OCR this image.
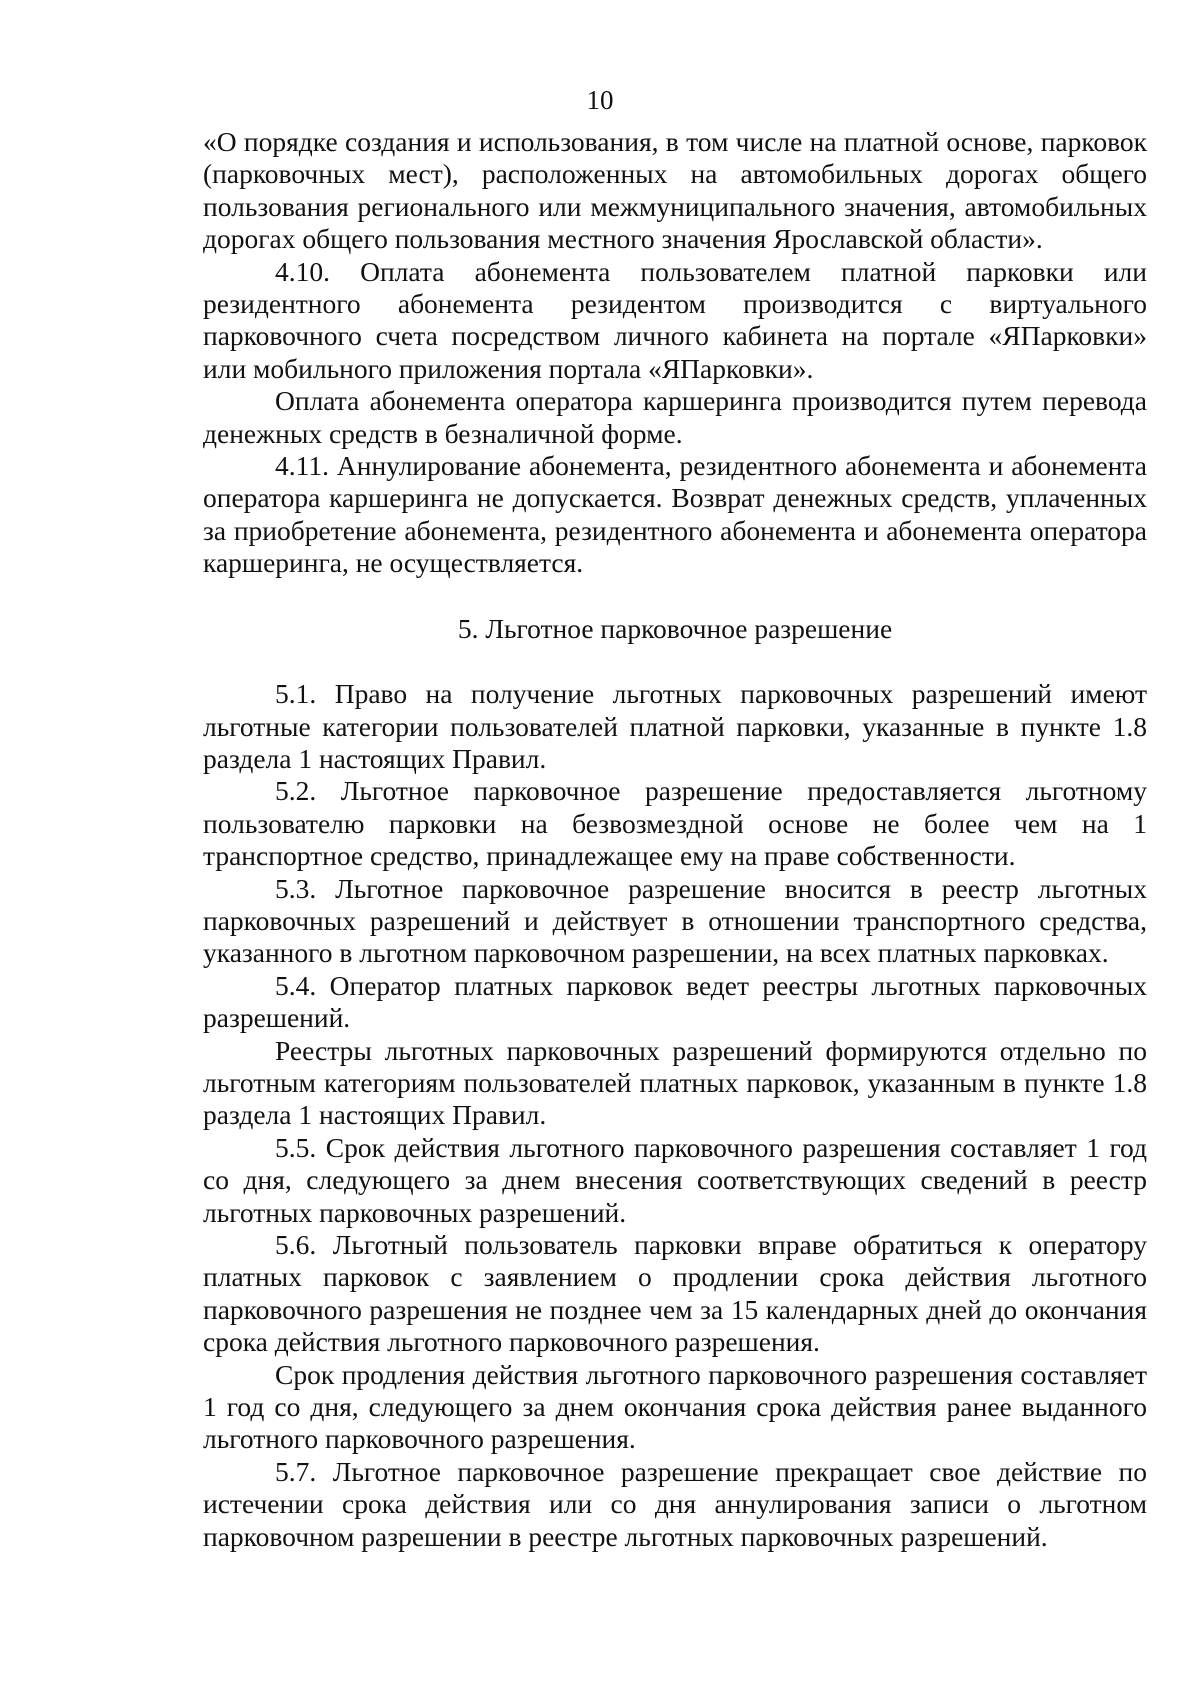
10

«О порядке создания и использования, в том числе на платной основе, парковок (парковочных мест), расположенных на автомобильных дорогах общего пользования регионального или межмуниципального значения, автомобильных дорогах общего пользования местного значения Ярославской области».

4.10. Оплата абонемента пользователем платной парковки или резидентного абонемента резидентом производится с виртуального парковочного счета посредством личного кабинета на портале «ЯПарковки» или мобильного приложения портала «ЯПарковки».

Оплата абонемента оператора каршеринга производится путем перевода денежных средств в безналичной форме.

4.11. Аннулирование абонемента, резидентного абонемента и абонемента оператора каршеринга не допускается. Возврат денежных средств, уплаченных за приобретение абонемента, резидентного абонемента и абонемента оператора каршеринга, не осуществляется.

5. Льготное парковочное разрешение

5.1. Право на получение льготных парковочных разрешений имеют льготные категории пользователей платной парковки, указанные в пункте 1.8 раздела 1 настоящих Правил.

5.2. Льготное парковочное разрешение предоставляется льготному пользователю парковки на безвозмездной основе не более чем на 1 транспортное средство, принадлежащее ему на праве собственности.

5.3. Льготное парковочное разрешение вносится в реестр льготных парковочных разрешений и действует в отношении транспортного средства, указанного в льготном парковочном разрешении, на всех платных парковках.

5.4. Оператор платных парковок ведет реестры льготных парковочных разрешений.

Реестры льготных парковочных разрешений формируются отдельно по льготным категориям пользователей платных парковок, указанным в пункте 1.8 раздела 1 настоящих Правил.

5.5. Срок действия льготного парковочного разрешения составляет 1 год со дня, следующего за днем внесения соответствующих сведений в реестр льготных парковочных разрешений.

5.6. Льготный пользователь парковки вправе обратиться к оператору платных парковок с заявлением о продлении срока действия льготного парковочного разрешения не позднее чем за 15 календарных дней до окончания срока действия льготного парковочного разрешения.

Срок продления действия льготного парковочного разрешения составляет 1 год со дня, следующего за днем окончания срока действия ранее выданного льготного парковочного разрешения.

5.7. Льготное парковочное разрешение прекращает свое действие по истечении срока действия или со дня аннулирования записи о льготном парковочном разрешении в реестре льготных парковочных разрешений.
